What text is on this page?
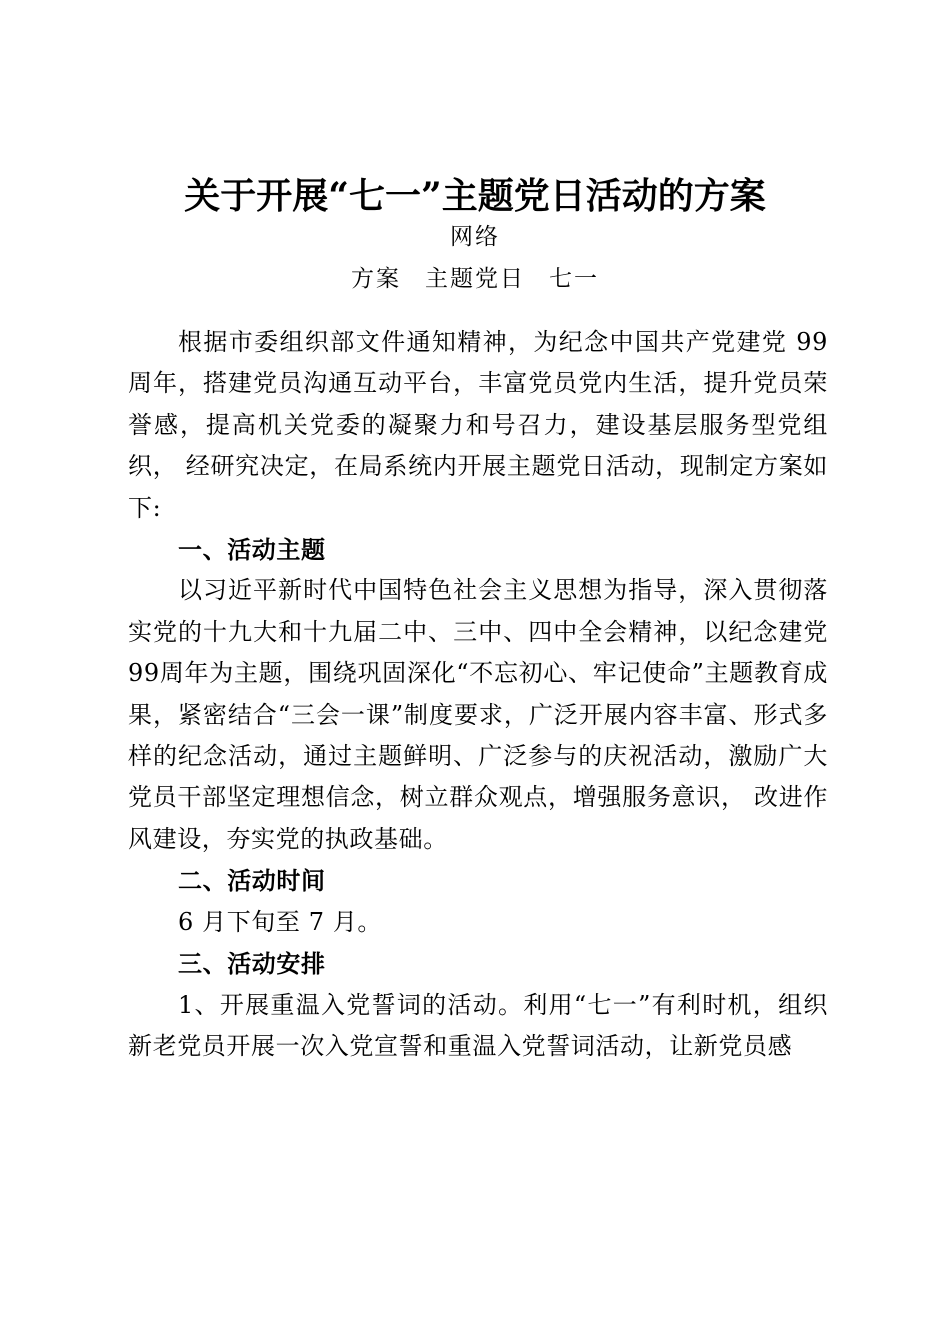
关于开展“七一”主题党日活动的方案
网络
方案 主题党日 七一

根据市委组织部文件通知精神，为纪念中国共产党建党 99 周年，搭建党员沟通互动平台，丰富党员党内生活，提升党员荣誉感，提高机关党委的凝聚力和号召力，建设基层服务型党组织， 经研究决定，在局系统内开展主题党日活动，现制定方案如下:

一、活动主题

以习近平新时代中国特色社会主义思想为指导，深入贯彻落实党的十九大和十九届二中、三中、四中全会精神，以纪念建党99周年为主题，围绕巩固深化“不忘初心、牢记使命”主题教育成果，紧密结合“三会一课”制度要求，广泛开展内容丰富、形式多样的纪念活动，通过主题鲜明、广泛参与的庆祝活动，激励广大党员干部坚定理想信念，树立群众观点，增强服务意识， 改进作风建设，夯实党的执政基础。

二、活动时间

6 月下旬至 7 月。

三、活动安排

1、开展重温入党誓词的活动。利用“七一”有利时机，组织新老党员开展一次入党宣誓和重温入党誓词活动，让新党员感
